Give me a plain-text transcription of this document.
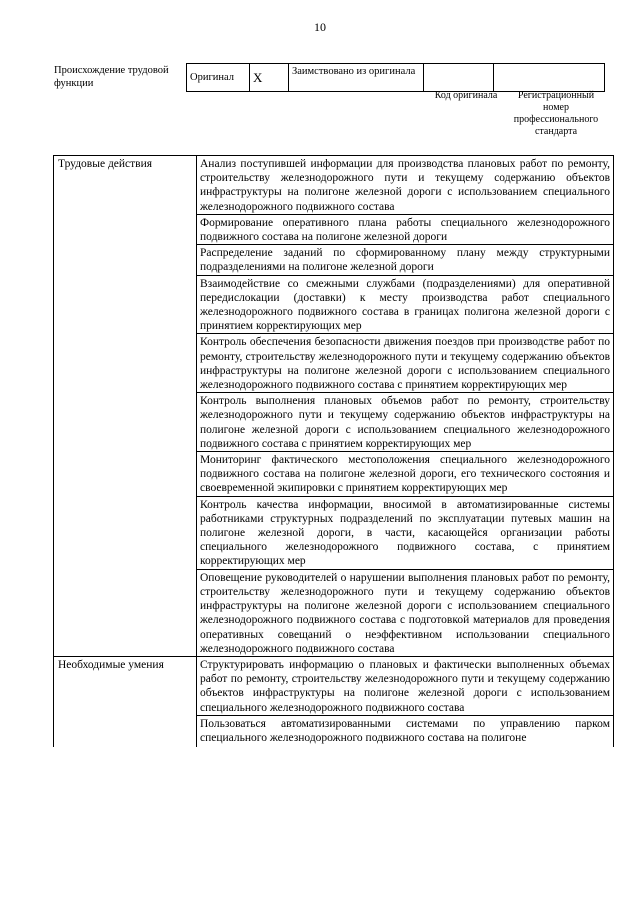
10
Происхождение трудовой функции
Оригинал	X	Заимствовано из оригинала		
Код оригинала	Регистрационный номер профессионального стандарта
Трудовые действия	Анализ поступившей информации для производства плановых работ по ремонту, строительству железнодорожного пути и текущему содержанию объектов инфраструктуры на полигоне железной дороги с использованием специального железнодорожного подвижного состава
	Формирование оперативного плана работы специального железнодорожного подвижного состава на полигоне железной дороги
	Распределение заданий по сформированному плану между структурными подразделениями на полигоне железной дороги
	Взаимодействие со смежными службами (подразделениями) для оперативной передислокации (доставки) к месту производства работ специального железнодорожного подвижного состава в границах полигона железной дороги с принятием корректирующих мер
	Контроль обеспечения безопасности движения поездов при производстве работ по ремонту, строительству железнодорожного пути и текущему содержанию объектов инфраструктуры на полигоне железной дороги с использованием специального железнодорожного подвижного состава с принятием корректирующих мер
	Контроль выполнения плановых объемов работ по ремонту, строительству железнодорожного пути и текущему содержанию объектов инфраструктуры на полигоне железной дороги с использованием специального железнодорожного подвижного состава с принятием корректирующих мер
	Мониторинг фактического местоположения специального железнодорожного подвижного состава на полигоне железной дороги, его технического состояния и своевременной экипировки с принятием корректирующих мер
	Контроль качества информации, вносимой в автоматизированные системы работниками структурных подразделений по эксплуатации путевых машин на полигоне железной дороги, в части, касающейся организации работы специального железнодорожного подвижного состава, с принятием корректирующих мер
	Оповещение руководителей о нарушении выполнения плановых работ по ремонту, строительству железнодорожного пути и текущему содержанию объектов инфраструктуры на полигоне железной дороги с использованием специального железнодорожного подвижного состава с подготовкой материалов для проведения оперативных совещаний о неэффективном использовании специального железнодорожного подвижного состава
Необходимые умения	Структурировать информацию о плановых и фактически выполненных объемах работ по ремонту, строительству железнодорожного пути и текущему содержанию объектов инфраструктуры на полигоне железной дороги с использованием специального железнодорожного подвижного состава
	Пользоваться автоматизированными системами по управлению парком специального железнодорожного подвижного состава на полигоне
